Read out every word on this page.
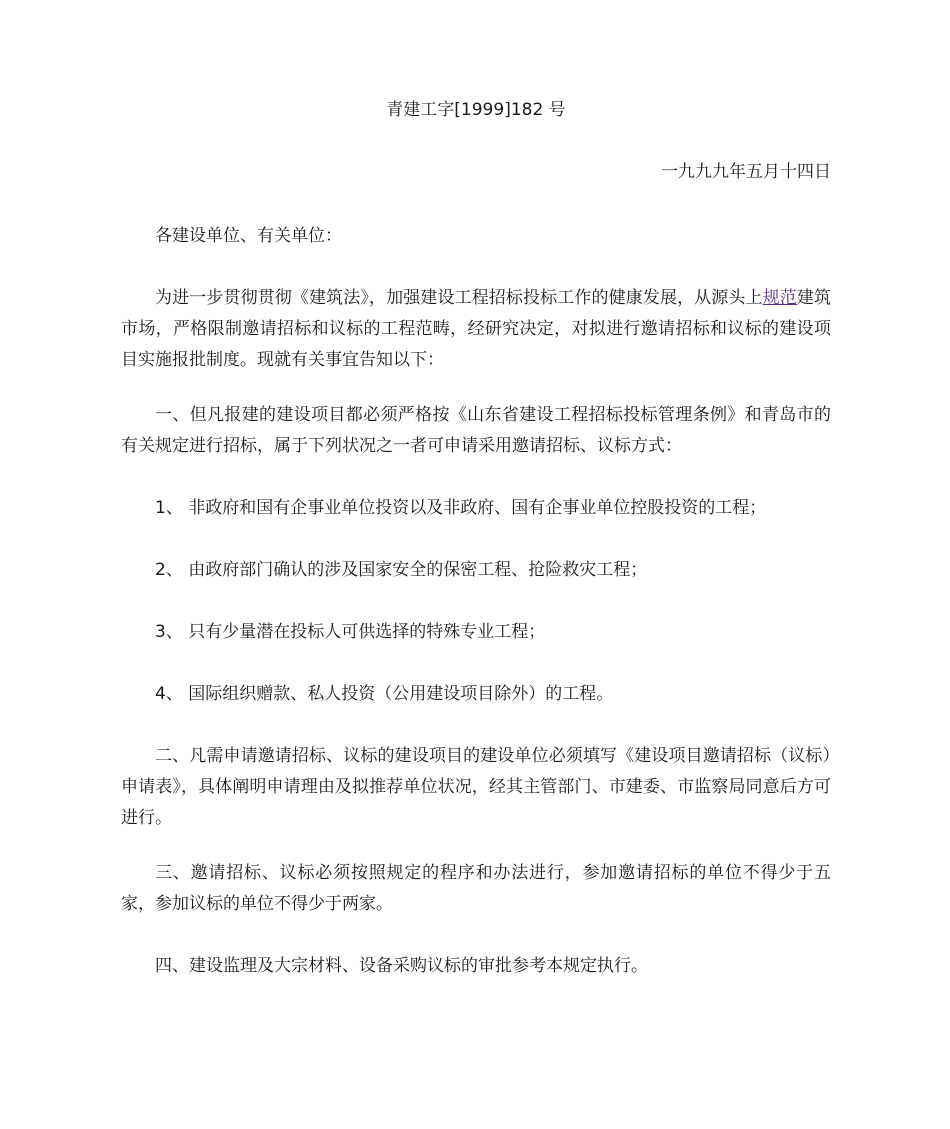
青建工字[1999]182 号
一九九九年五月十四日

各建设单位、有关单位：

为进一步贯彻贯彻《建筑法》，加强建设工程招标投标工作的健康发展，从源头上规范建筑市场，严格限制邀请招标和议标的工程范畴，经研究决定，对拟进行邀请招标和议标的建设项目实施报批制度。现就有关事宜告知以下：

一、但凡报建的建设项目都必须严格按《山东省建设工程招标投标管理条例》和青岛市的有关规定进行招标，属于下列状况之一者可申请采用邀请招标、议标方式：

1、 非政府和国有企事业单位投资以及非政府、国有企事业单位控股投资的工程；

2、 由政府部门确认的涉及国家安全的保密工程、抢险救灾工程；

3、 只有少量潜在投标人可供选择的特殊专业工程；

4、 国际组织赠款、私人投资（公用建设项目除外）的工程。

二、凡需申请邀请招标、议标的建设项目的建设单位必须填写《建设项目邀请招标（议标）申请表》，具体阐明申请理由及拟推荐单位状况，经其主管部门、市建委、市监察局同意后方可进行。

三、邀请招标、议标必须按照规定的程序和办法进行，参加邀请招标的单位不得少于五家，参加议标的单位不得少于两家。

四、建设监理及大宗材料、设备采购议标的审批参考本规定执行。
